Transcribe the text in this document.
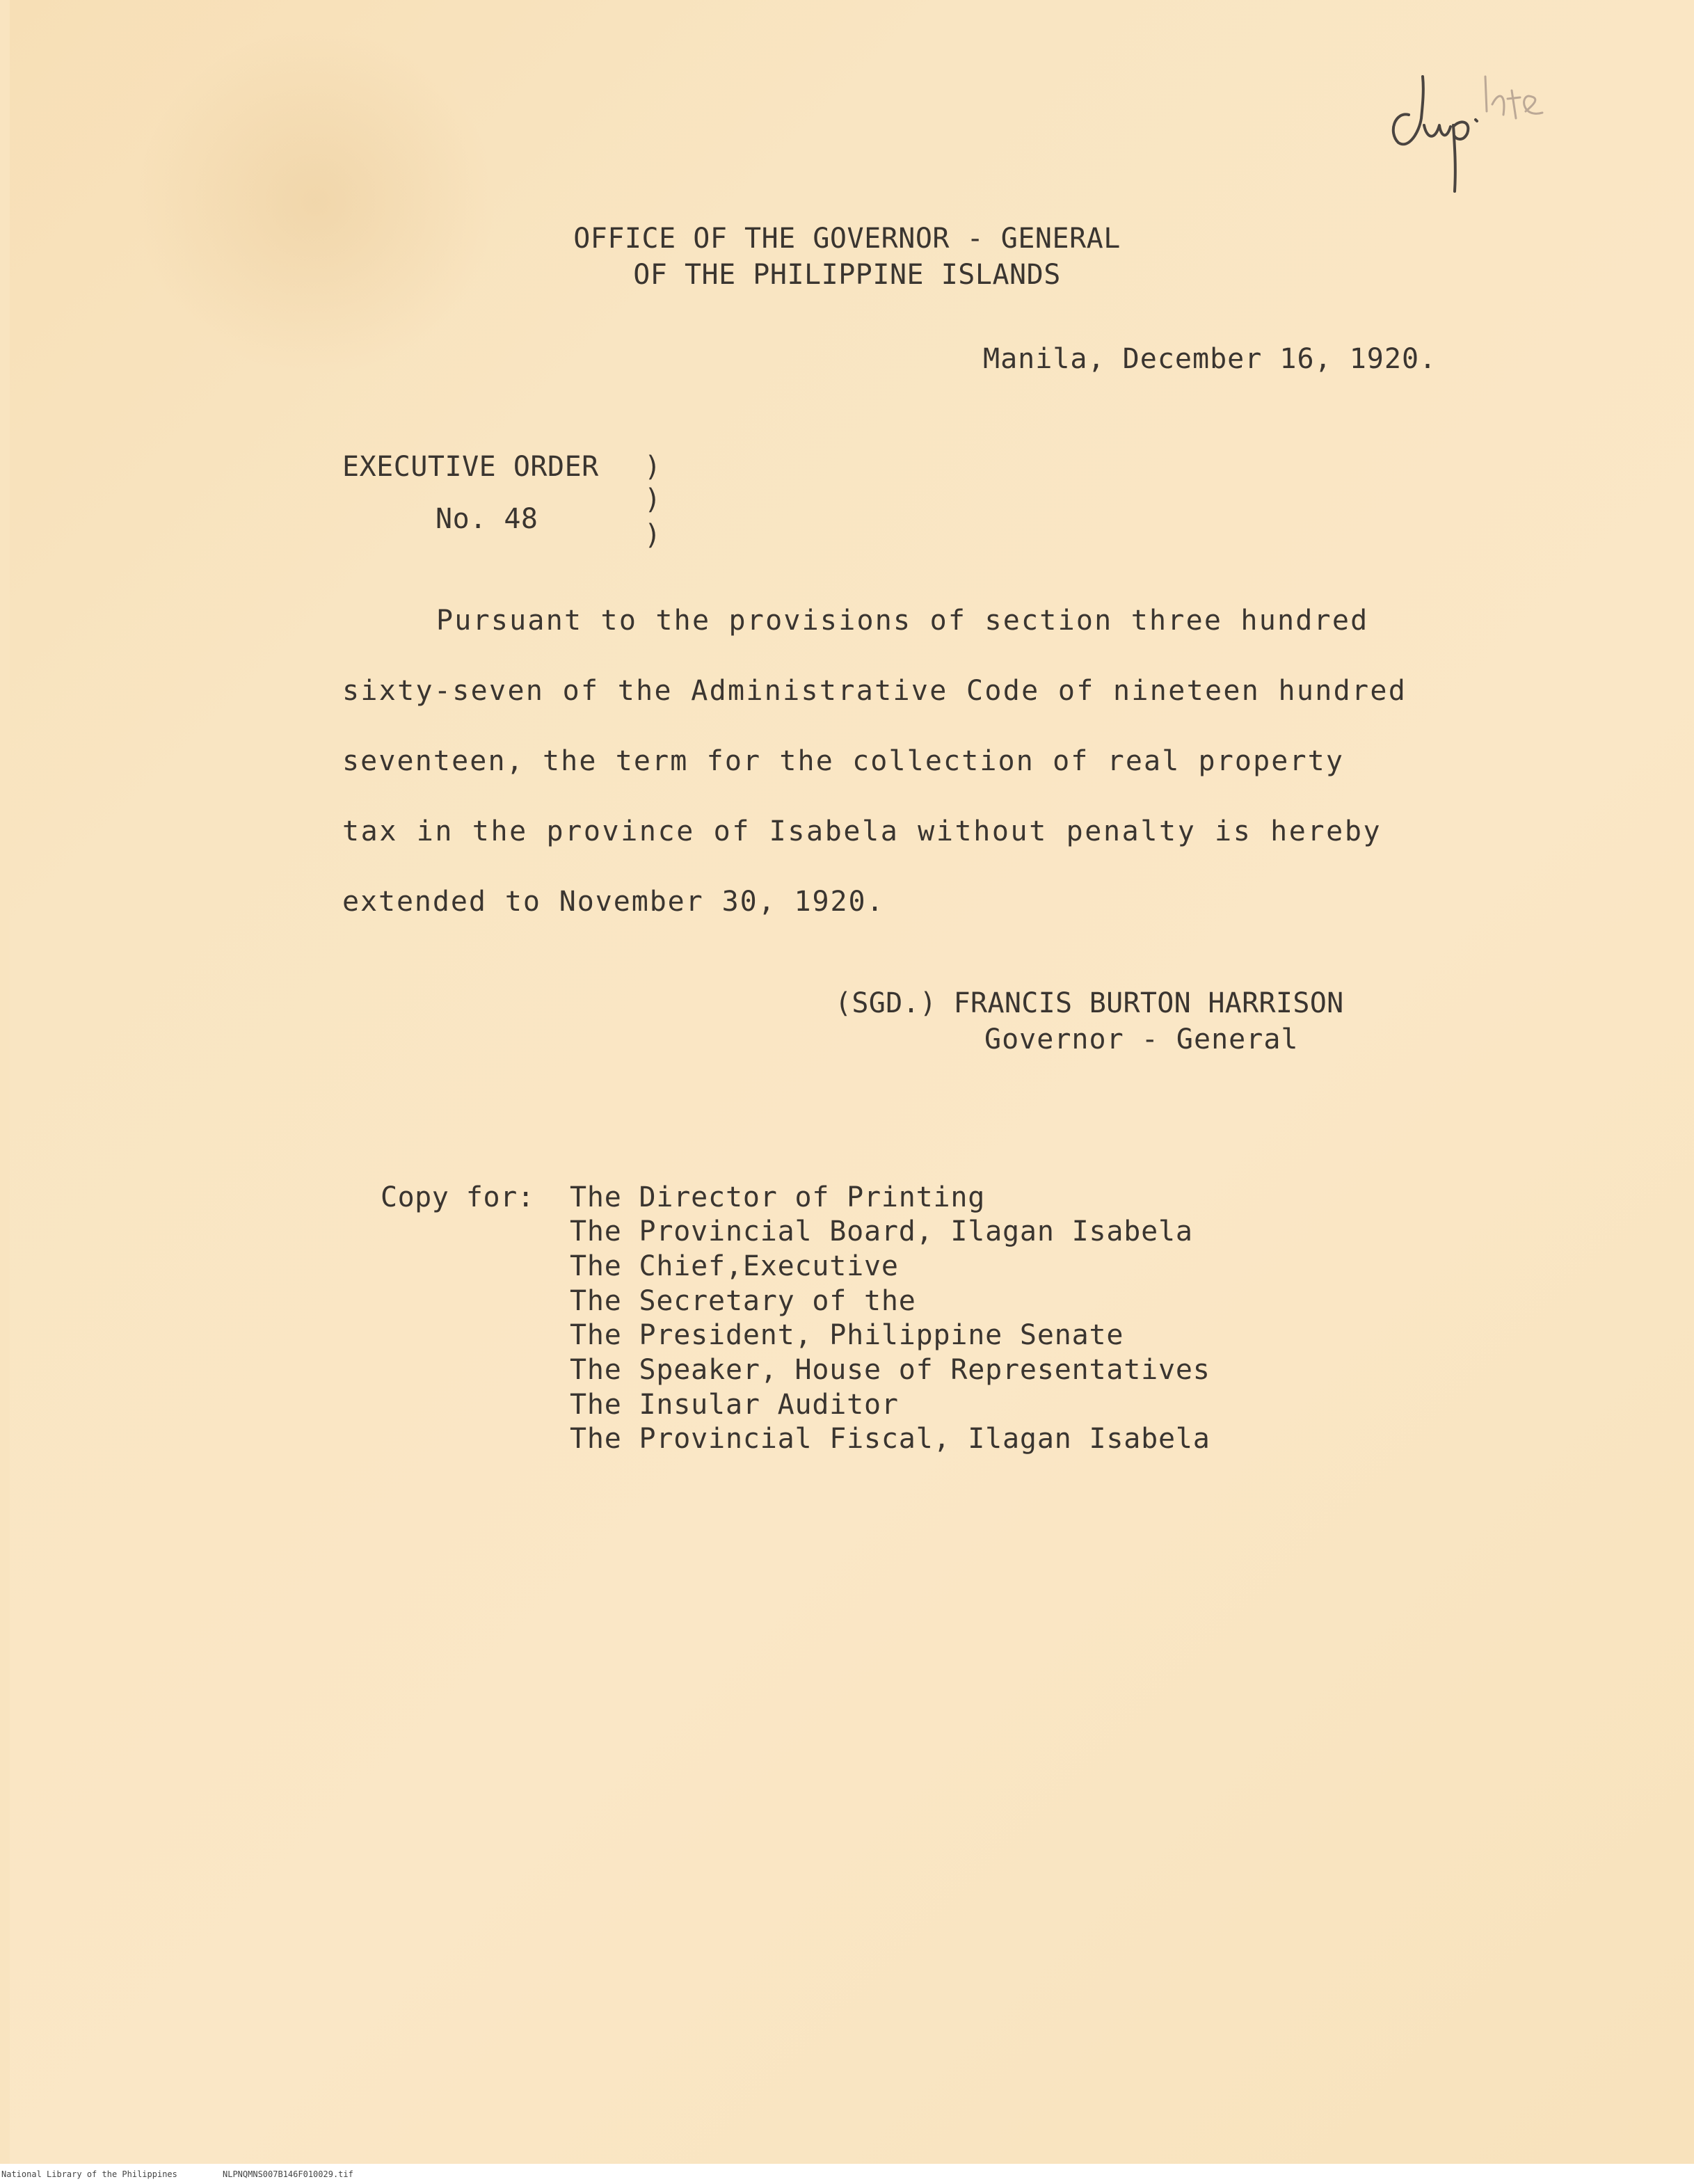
OFFICE OF THE GOVERNOR - GENERAL
OF THE PHILIPPINE ISLANDS
Manila, December 16, 1920.
EXECUTIVE ORDER
No. 48
)
)
)
Pursuant to the provisions of section three hundred
sixty-seven of the Administrative Code of nineteen hundred
seventeen, the term for the collection of real property
tax in the province of Isabela without penalty is hereby
extended to November 30, 1920.
(SGD.) FRANCIS BURTON HARRISON
Governor - General
Copy for: The Director of Printing
The Provincial Board, Ilagan Isabela
The Chief,Executive
The Secretary of the
The President, Philippine Senate
The Speaker, House of Representatives
The Insular Auditor
The Provincial Fiscal, Ilagan Isabela
National Library of the Philippines	NLPNQMNS007B146F010029.tif
